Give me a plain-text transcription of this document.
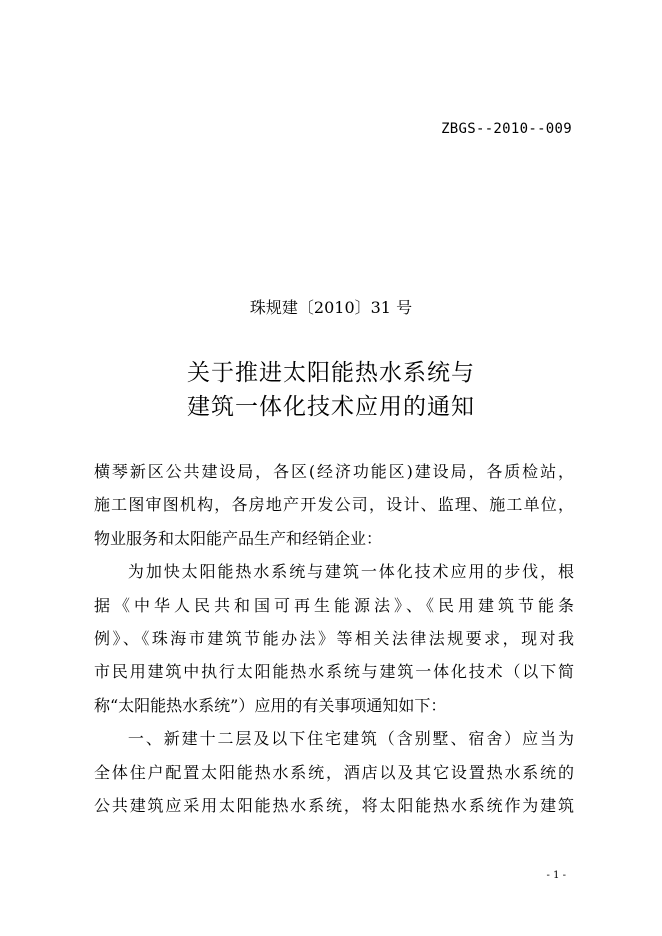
ZBGS--2010--009
珠规建〔2010〕31 号
关于推进太阳能热水系统与
建筑一体化技术应用的通知
横琴新区公共建设局，各区(经济功能区)建设局，各质检站，
施工图审图机构，各房地产开发公司，设计、监理、施工单位，
物业服务和太阳能产品生产和经销企业：
为加快太阳能热水系统与建筑一体化技术应用的步伐，根
据《中华人民共和国可再生能源法》、《民用建筑节能条
例》、《珠海市建筑节能办法》等相关法律法规要求，现对我
市民用建筑中执行太阳能热水系统与建筑一体化技术（以下简
称“太阳能热水系统”）应用的有关事项通知如下：
一、新建十二层及以下住宅建筑（含别墅、宿舍）应当为
全体住户配置太阳能热水系统，酒店以及其它设置热水系统的
公共建筑应采用太阳能热水系统，将太阳能热水系统作为建筑
- 1 -
